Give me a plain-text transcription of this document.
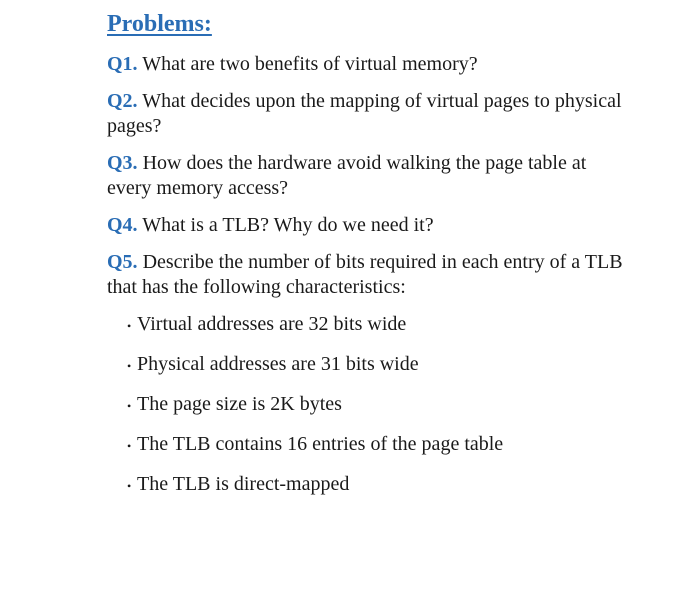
Problems:

Q1. What are two benefits of virtual memory?

Q2. What decides upon the mapping of virtual pages to physical pages?

Q3. How does the hardware avoid walking the page table at every memory access?

Q4. What is a TLB? Why do we need it?

Q5. Describe the number of bits required in each entry of a TLB that has the following characteristics:

• Virtual addresses are 32 bits wide
• Physical addresses are 31 bits wide
• The page size is 2K bytes
• The TLB contains 16 entries of the page table
• The TLB is direct-mapped
